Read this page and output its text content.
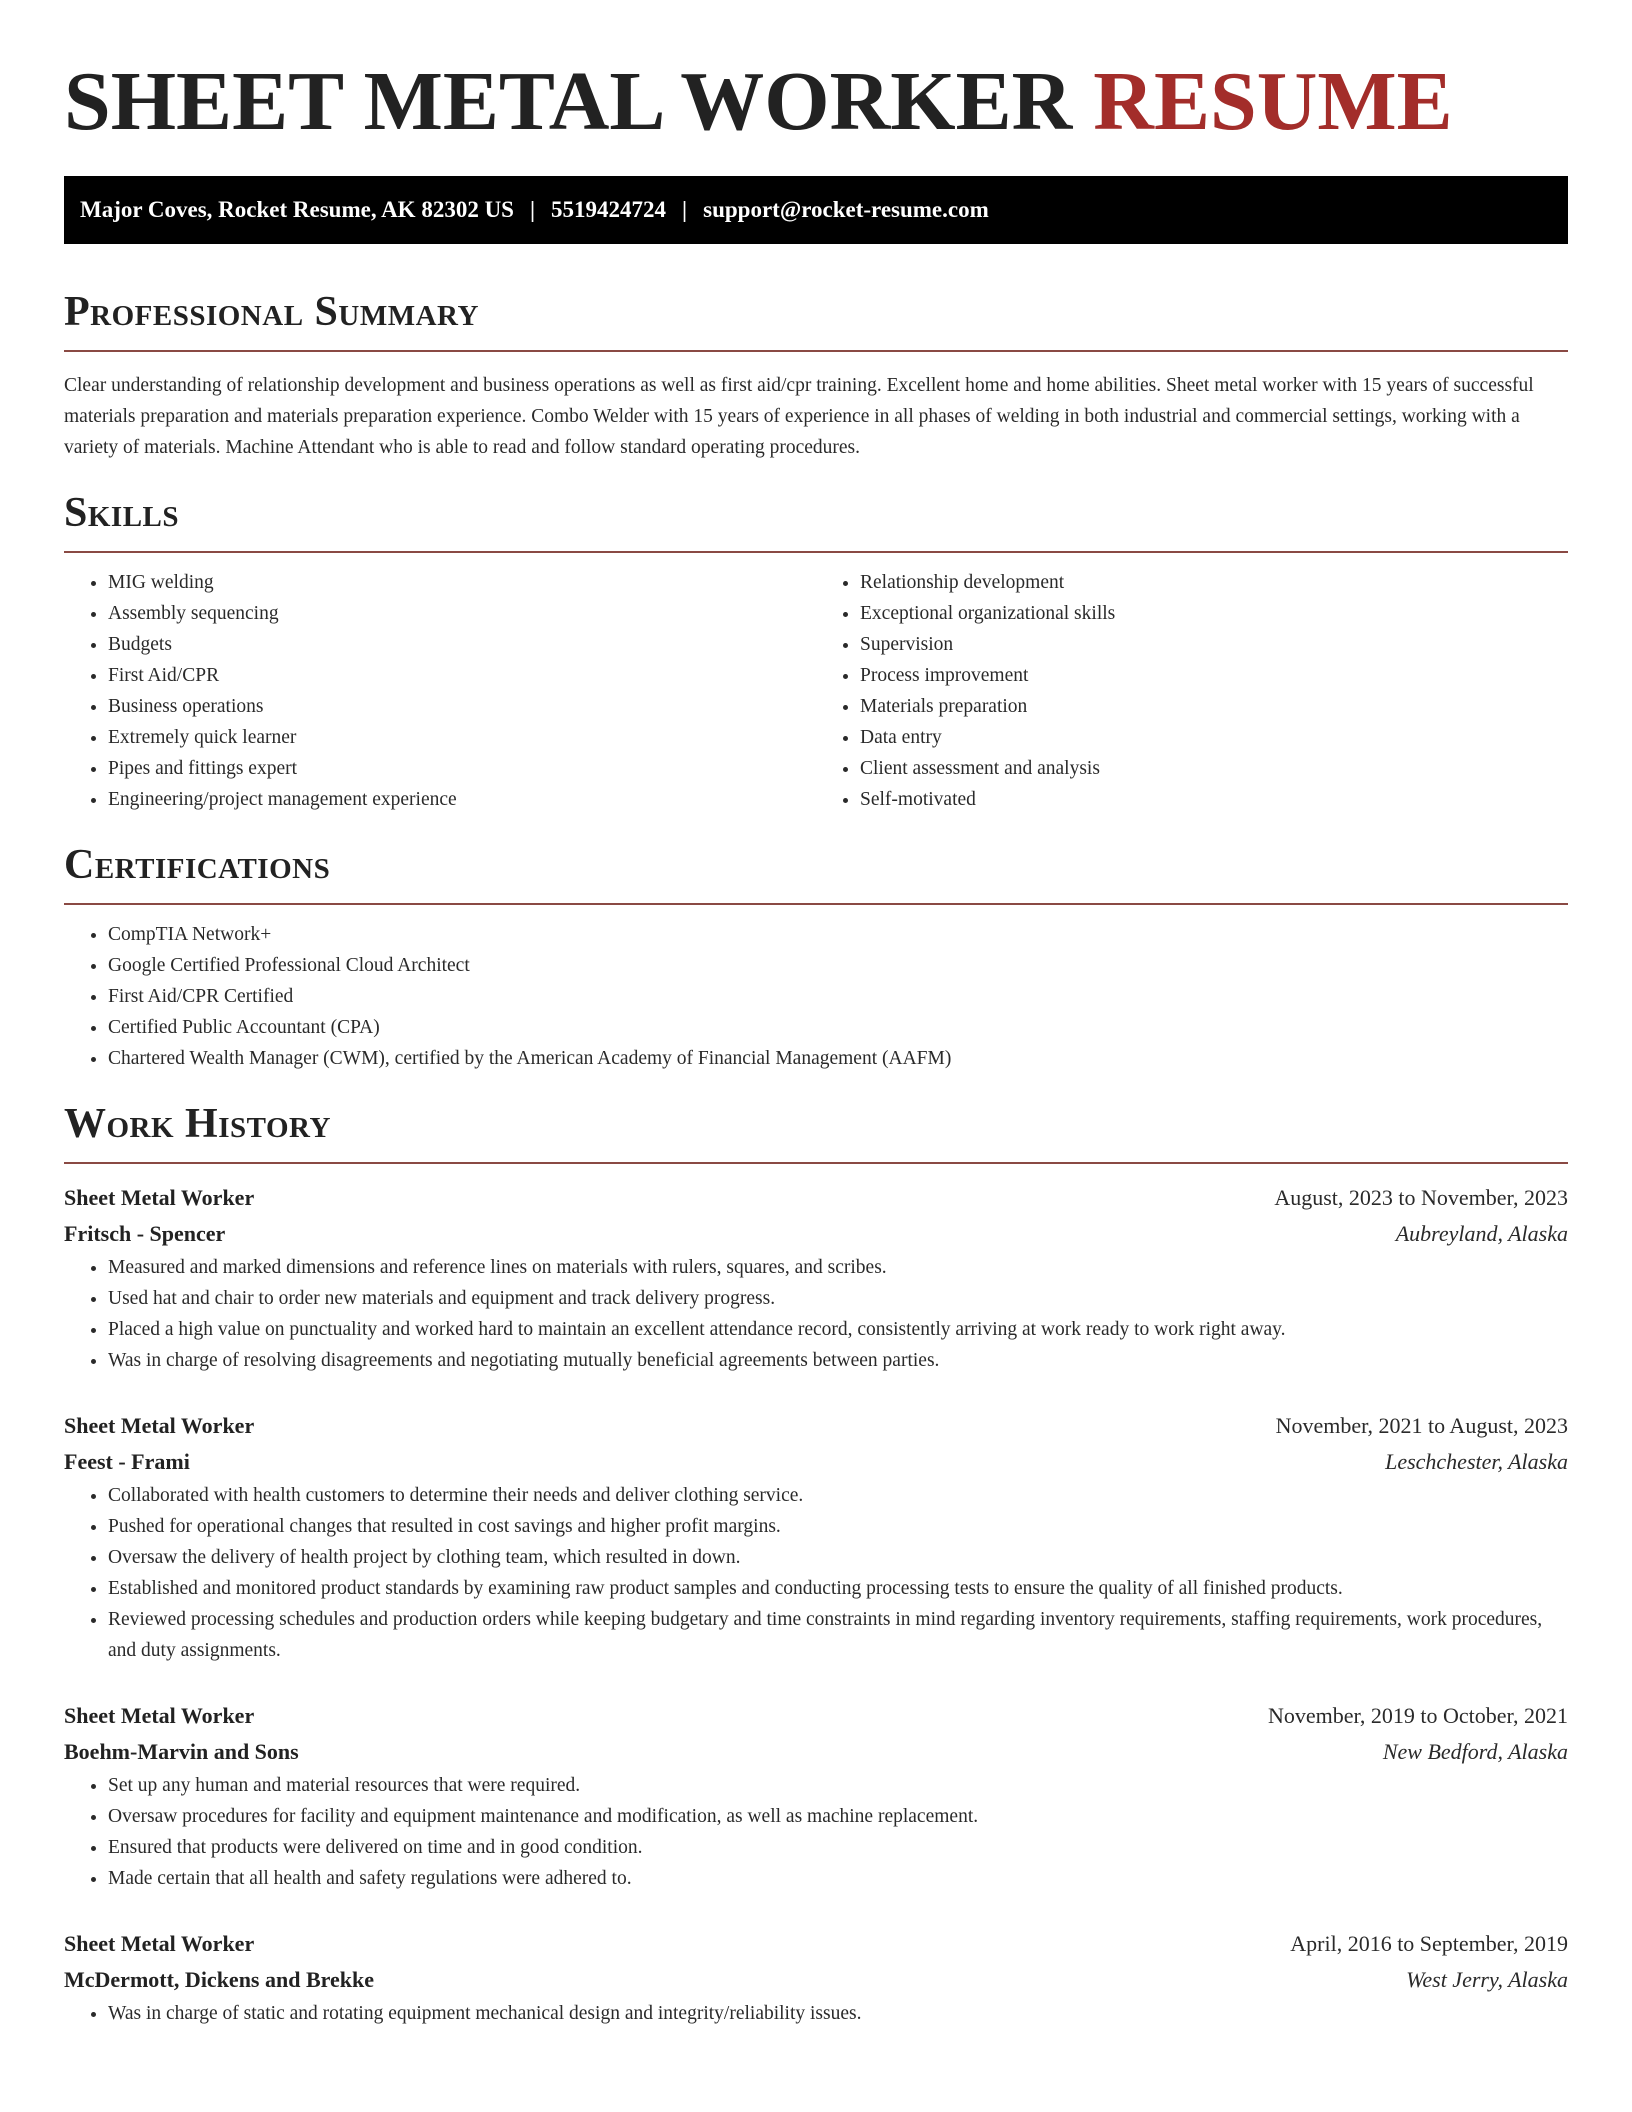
SHEET METAL WORKER RESUME
Major Coves, Rocket Resume, AK 82302 US | 5519424724 | support@rocket-resume.com
Professional Summary

Clear understanding of relationship development and business operations as well as first aid/cpr training. Excellent home and home abilities. Sheet metal worker with 15 years of successful materials preparation and materials preparation experience. Combo Welder with 15 years of experience in all phases of welding in both industrial and commercial settings, working with a variety of materials. Machine Attendant who is able to read and follow standard operating procedures.

Skills
• MIG welding
• Assembly sequencing
• Budgets
• First Aid/CPR
• Business operations
• Extremely quick learner
• Pipes and fittings expert
• Engineering/project management experience
• Relationship development
• Exceptional organizational skills
• Supervision
• Process improvement
• Materials preparation
• Data entry
• Client assessment and analysis
• Self-motivated
Certifications
• CompTIA Network+
• Google Certified Professional Cloud Architect
• First Aid/CPR Certified
• Certified Public Accountant (CPA)
• Chartered Wealth Manager (CWM), certified by the American Academy of Financial Management (AAFM)
Work History
Sheet Metal Worker	August, 2023 to November, 2023
Fritsch - Spencer	Aubreyland, Alaska
• Measured and marked dimensions and reference lines on materials with rulers, squares, and scribes.
• Used hat and chair to order new materials and equipment and track delivery progress.
• Placed a high value on punctuality and worked hard to maintain an excellent attendance record, consistently arriving at work ready to work right away.
• Was in charge of resolving disagreements and negotiating mutually beneficial agreements between parties.
Sheet Metal Worker	November, 2021 to August, 2023
Feest - Frami	Leschchester, Alaska
• Collaborated with health customers to determine their needs and deliver clothing service.
• Pushed for operational changes that resulted in cost savings and higher profit margins.
• Oversaw the delivery of health project by clothing team, which resulted in down.
• Established and monitored product standards by examining raw product samples and conducting processing tests to ensure the quality of all finished products.
• Reviewed processing schedules and production orders while keeping budgetary and time constraints in mind regarding inventory requirements, staffing requirements, work procedures, and duty assignments.
Sheet Metal Worker	November, 2019 to October, 2021
Boehm-Marvin and Sons	New Bedford, Alaska
• Set up any human and material resources that were required.
• Oversaw procedures for facility and equipment maintenance and modification, as well as machine replacement.
• Ensured that products were delivered on time and in good condition.
• Made certain that all health and safety regulations were adhered to.
Sheet Metal Worker	April, 2016 to September, 2019
McDermott, Dickens and Brekke	West Jerry, Alaska
• Was in charge of static and rotating equipment mechanical design and integrity/reliability issues.
